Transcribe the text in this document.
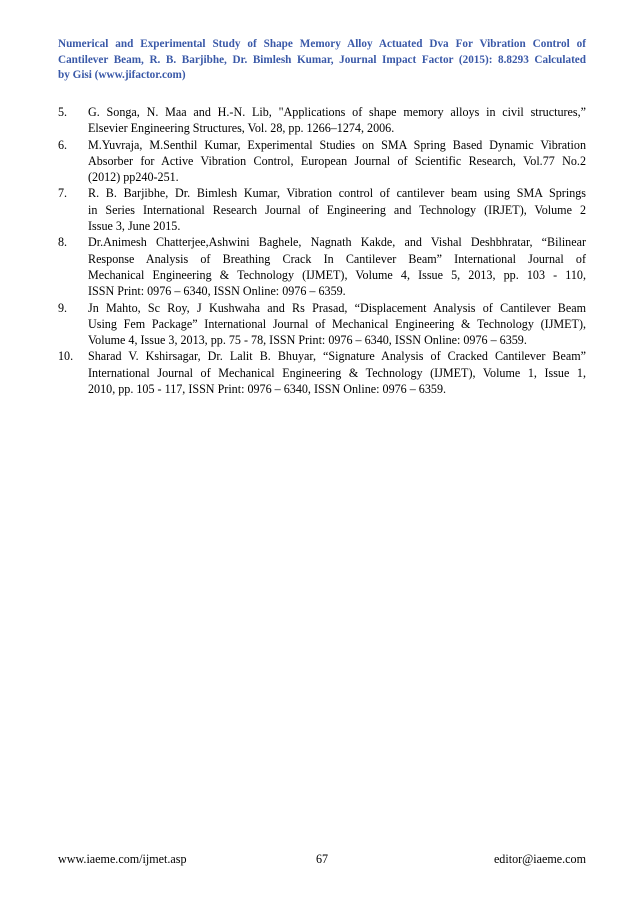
Numerical and Experimental Study of Shape Memory Alloy Actuated Dva For Vibration Control of
Cantilever Beam, R. B. Barjibhe, Dr. Bimlesh Kumar, Journal Impact Factor (2015): 8.8293 Calculated
by Gisi (www.jifactor.com)
5.	G. Songa, N. Maa and H.-N. Lib, "Applications of shape memory alloys in civil structures,”
Elsevier Engineering Structures, Vol. 28, pp. 1266–1274, 2006.
6.	M.Yuvraja, M.Senthil Kumar, Experimental Studies on SMA Spring Based Dynamic Vibration
Absorber for Active Vibration Control, European Journal of Scientific Research, Vol.77 No.2
(2012) pp240-251.
7.	R. B. Barjibhe, Dr. Bimlesh Kumar, Vibration control of cantilever beam using SMA Springs
in Series International Research Journal of Engineering and Technology (IRJET), Volume 2
Issue 3, June 2015.
8.	Dr.Animesh Chatterjee,Ashwini Baghele, Nagnath Kakde, and Vishal Deshbhratar, “Bilinear
Response Analysis of Breathing Crack In Cantilever Beam” International Journal of
Mechanical Engineering & Technology (IJMET), Volume 4, Issue 5, 2013, pp. 103 - 110,
ISSN Print: 0976 – 6340, ISSN Online: 0976 – 6359.
9.	Jn Mahto, Sc Roy, J Kushwaha and Rs Prasad, “Displacement Analysis of Cantilever Beam
Using Fem Package” International Journal of Mechanical Engineering & Technology (IJMET),
Volume 4, Issue 3, 2013, pp. 75 - 78, ISSN Print: 0976 – 6340, ISSN Online: 0976 – 6359.
10.	Sharad V. Kshirsagar, Dr. Lalit B. Bhuyar, “Signature Analysis of Cracked Cantilever Beam”
International Journal of Mechanical Engineering & Technology (IJMET), Volume 1, Issue 1,
2010, pp. 105 - 117, ISSN Print: 0976 – 6340, ISSN Online: 0976 – 6359.
www.iaeme.com/ijmet.asp	67	editor@iaeme.com
